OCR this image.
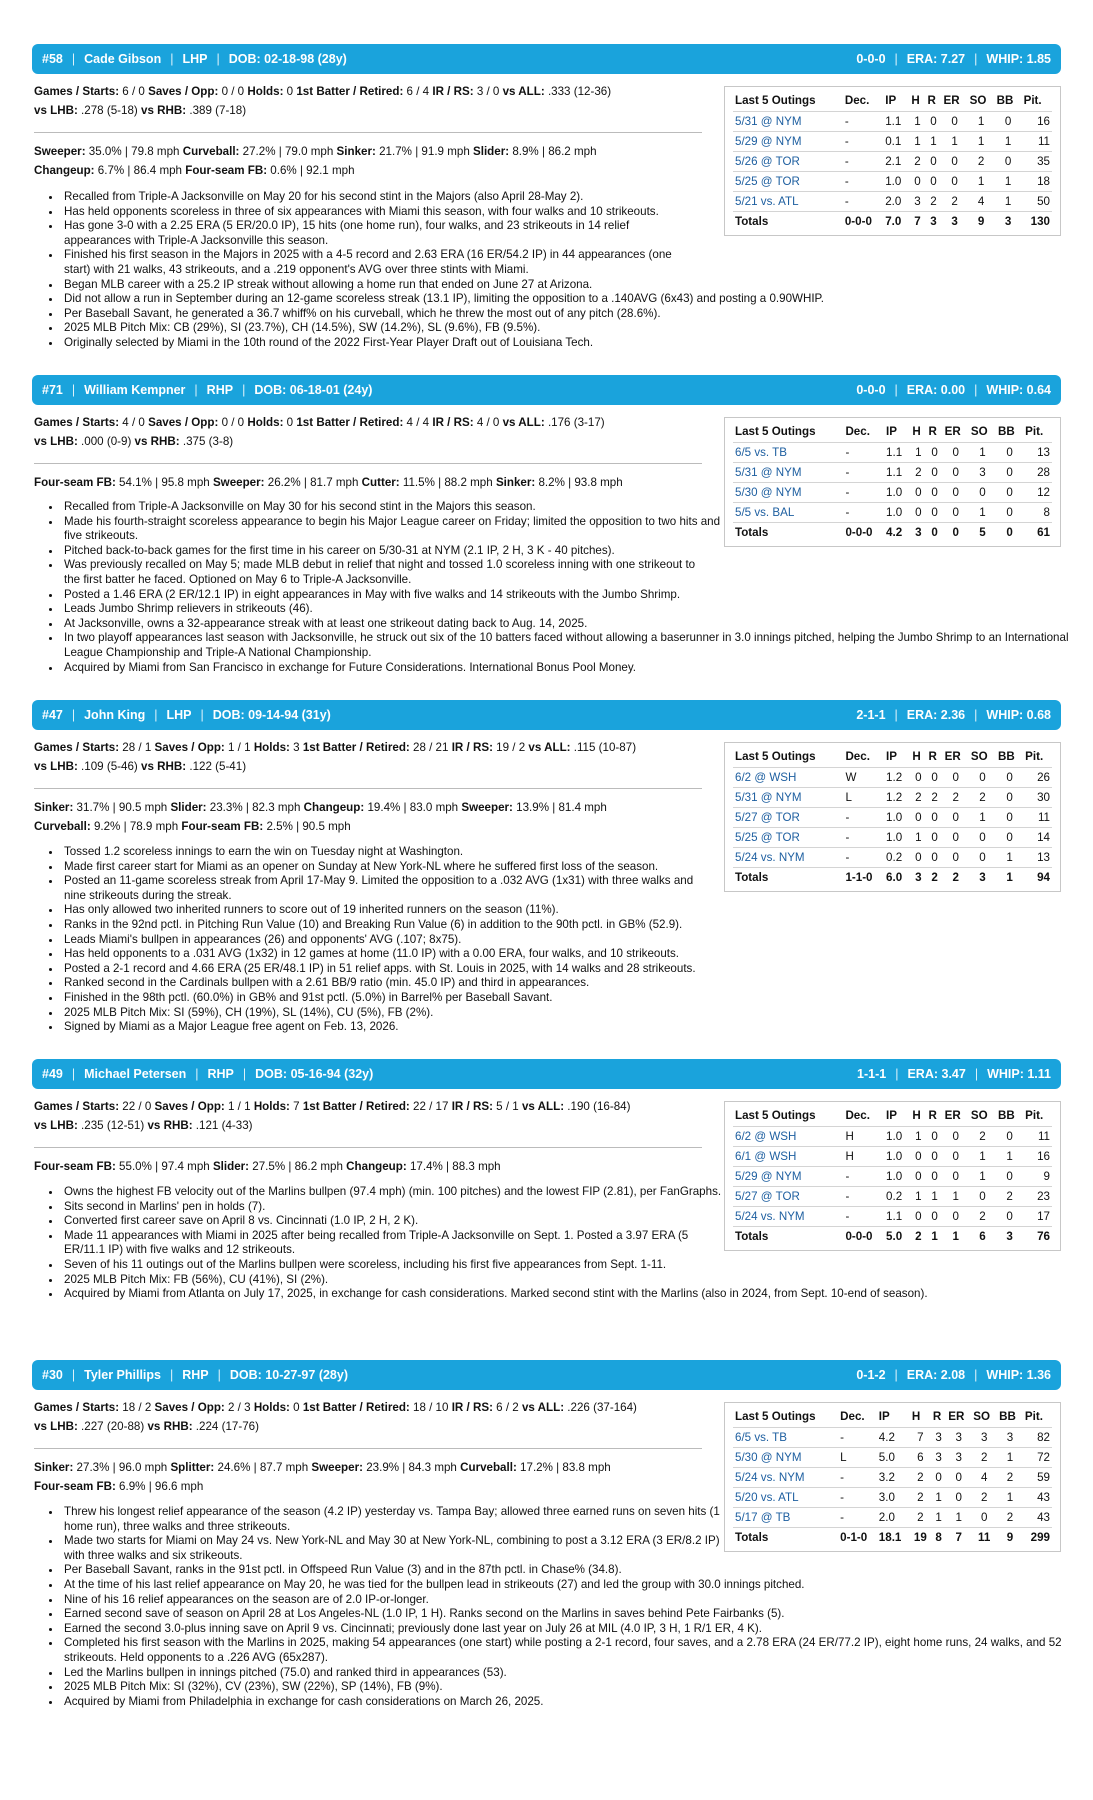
#58 | Cade Gibson | LHP | DOB: 02-18-98 (28y)	0-0-0 | ERA: 7.27 | WHIP: 1.85
Games / Starts: 6 / 0 Saves / Opp: 0 / 0 Holds: 0 1st Batter / Retired: 6 / 4 IR / RS: 3 / 0 vs ALL: .333 (12-36)
vs LHB: .278 (5-18) vs RHB: .389 (7-18)
Sweeper: 35.0% | 79.8 mph Curveball: 27.2% | 79.0 mph Sinker: 21.7% | 91.9 mph Slider: 8.9% | 86.2 mph
Changeup: 6.7% | 86.4 mph Four-seam FB: 0.6% | 92.1 mph
• Recalled from Triple-A Jacksonville on May 20 for his second stint in the Majors (also April 28-May 2).
• Has held opponents scoreless in three of six appearances with Miami this season, with four walks and 10 strikeouts.
• Has gone 3-0 with a 2.25 ERA (5 ER/20.0 IP), 15 hits (one home run), four walks, and 23 strikeouts in 14 relief appearances with Triple-A Jacksonville this season.
• Finished his first season in the Majors in 2025 with a 4-5 record and 2.63 ERA (16 ER/54.2 IP) in 44 appearances (one start) with 21 walks, 43 strikeouts, and a .219 opponent's AVG over three stints with Miami.
• Began MLB career with a 25.2 IP streak without allowing a home run that ended on June 27 at Arizona.
• Did not allow a run in September during an 12-game scoreless streak (13.1 IP), limiting the opposition to a .140AVG (6x43) and posting a 0.90WHIP.
• Per Baseball Savant, he generated a 36.7 whiff% on his curveball, which he threw the most out of any pitch (28.6%).
• 2025 MLB Pitch Mix: CB (29%), SI (23.7%), CH (14.5%), SW (14.2%), SL (9.6%), FB (9.5%).
• Originally selected by Miami in the 10th round of the 2022 First-Year Player Draft out of Louisiana Tech.
Last 5 Outings	Dec.	IP	H	R	ER	SO	BB	Pit.
5/31 @ NYM	-	1.1	1	0	0	1	0	16
5/29 @ NYM	-	0.1	1	1	1	1	1	11
5/26 @ TOR	-	2.1	2	0	0	2	0	35
5/25 @ TOR	-	1.0	0	0	0	1	1	18
5/21 vs. ATL	-	2.0	3	2	2	4	1	50
Totals	0-0-0	7.0	7	3	3	9	3	130
#71 | William Kempner | RHP | DOB: 06-18-01 (24y)	0-0-0 | ERA: 0.00 | WHIP: 0.64
Games / Starts: 4 / 0 Saves / Opp: 0 / 0 Holds: 0 1st Batter / Retired: 4 / 4 IR / RS: 4 / 0 vs ALL: .176 (3-17)
vs LHB: .000 (0-9) vs RHB: .375 (3-8)
Four-seam FB: 54.1% | 95.8 mph Sweeper: 26.2% | 81.7 mph Cutter: 11.5% | 88.2 mph Sinker: 8.2% | 93.8 mph
• Recalled from Triple-A Jacksonville on May 30 for his second stint in the Majors this season.
• Made his fourth-straight scoreless appearance to begin his Major League career on Friday; limited the opposition to two hits and five strikeouts.
• Pitched back-to-back games for the first time in his career on 5/30-31 at NYM (2.1 IP, 2 H, 3 K - 40 pitches).
• Was previously recalled on May 5; made MLB debut in relief that night and tossed 1.0 scoreless inning with one strikeout to the first batter he faced. Optioned on May 6 to Triple-A Jacksonville.
• Posted a 1.46 ERA (2 ER/12.1 IP) in eight appearances in May with five walks and 14 strikeouts with the Jumbo Shrimp.
• Leads Jumbo Shrimp relievers in strikeouts (46).
• At Jacksonville, owns a 32-appearance streak with at least one strikeout dating back to Aug. 14, 2025.
• In two playoff appearances last season with Jacksonville, he struck out six of the 10 batters faced without allowing a baserunner in 3.0 innings pitched, helping the Jumbo Shrimp to an International League Championship and Triple-A National Championship.
• Acquired by Miami from San Francisco in exchange for Future Considerations. International Bonus Pool Money.
Last 5 Outings	Dec.	IP	H	R	ER	SO	BB	Pit.
6/5 vs. TB	-	1.1	1	0	0	1	0	13
5/31 @ NYM	-	1.1	2	0	0	3	0	28
5/30 @ NYM	-	1.0	0	0	0	0	0	12
5/5 vs. BAL	-	1.0	0	0	0	1	0	8
Totals	0-0-0	4.2	3	0	0	5	0	61
#47 | John King | LHP | DOB: 09-14-94 (31y)	2-1-1 | ERA: 2.36 | WHIP: 0.68
Games / Starts: 28 / 1 Saves / Opp: 1 / 1 Holds: 3 1st Batter / Retired: 28 / 21 IR / RS: 19 / 2 vs ALL: .115 (10-87)
vs LHB: .109 (5-46) vs RHB: .122 (5-41)
Sinker: 31.7% | 90.5 mph Slider: 23.3% | 82.3 mph Changeup: 19.4% | 83.0 mph Sweeper: 13.9% | 81.4 mph
Curveball: 9.2% | 78.9 mph Four-seam FB: 2.5% | 90.5 mph
• Tossed 1.2 scoreless innings to earn the win on Tuesday night at Washington.
• Made first career start for Miami as an opener on Sunday at New York-NL where he suffered first loss of the season.
• Posted an 11-game scoreless streak from April 17-May 9. Limited the opposition to a .032 AVG (1x31) with three walks and nine strikeouts during the streak.
• Has only allowed two inherited runners to score out of 19 inherited runners on the season (11%).
• Ranks in the 92nd pctl. in Pitching Run Value (10) and Breaking Run Value (6) in addition to the 90th pctl. in GB% (52.9).
• Leads Miami's bullpen in appearances (26) and opponents' AVG (.107; 8x75).
• Has held opponents to a .031 AVG (1x32) in 12 games at home (11.0 IP) with a 0.00 ERA, four walks, and 10 strikeouts.
• Posted a 2-1 record and 4.66 ERA (25 ER/48.1 IP) in 51 relief apps. with St. Louis in 2025, with 14 walks and 28 strikeouts.
• Ranked second in the Cardinals bullpen with a 2.61 BB/9 ratio (min. 45.0 IP) and third in appearances.
• Finished in the 98th pctl. (60.0%) in GB% and 91st pctl. (5.0%) in Barrel% per Baseball Savant.
• 2025 MLB Pitch Mix: SI (59%), CH (19%), SL (14%), CU (5%), FB (2%).
• Signed by Miami as a Major League free agent on Feb. 13, 2026.
Last 5 Outings	Dec.	IP	H	R	ER	SO	BB	Pit.
6/2 @ WSH	W	1.2	0	0	0	0	0	26
5/31 @ NYM	L	1.2	2	2	2	2	0	30
5/27 @ TOR	-	1.0	0	0	0	1	0	11
5/25 @ TOR	-	1.0	1	0	0	0	0	14
5/24 vs. NYM	-	0.2	0	0	0	0	1	13
Totals	1-1-0	6.0	3	2	2	3	1	94
#49 | Michael Petersen | RHP | DOB: 05-16-94 (32y)	1-1-1 | ERA: 3.47 | WHIP: 1.11
Games / Starts: 22 / 0 Saves / Opp: 1 / 1 Holds: 7 1st Batter / Retired: 22 / 17 IR / RS: 5 / 1 vs ALL: .190 (16-84)
vs LHB: .235 (12-51) vs RHB: .121 (4-33)
Four-seam FB: 55.0% | 97.4 mph Slider: 27.5% | 86.2 mph Changeup: 17.4% | 88.3 mph
• Owns the highest FB velocity out of the Marlins bullpen (97.4 mph) (min. 100 pitches) and the lowest FIP (2.81), per FanGraphs.
• Sits second in Marlins' pen in holds (7).
• Converted first career save on April 8 vs. Cincinnati (1.0 IP, 2 H, 2 K).
• Made 11 appearances with Miami in 2025 after being recalled from Triple-A Jacksonville on Sept. 1. Posted a 3.97 ERA (5 ER/11.1 IP) with five walks and 12 strikeouts.
• Seven of his 11 outings out of the Marlins bullpen were scoreless, including his first five appearances from Sept. 1-11.
• 2025 MLB Pitch Mix: FB (56%), CU (41%), SI (2%).
• Acquired by Miami from Atlanta on July 17, 2025, in exchange for cash considerations. Marked second stint with the Marlins (also in 2024, from Sept. 10-end of season).
Last 5 Outings	Dec.	IP	H	R	ER	SO	BB	Pit.
6/2 @ WSH	H	1.0	1	0	0	2	0	11
6/1 @ WSH	H	1.0	0	0	0	1	1	16
5/29 @ NYM	-	1.0	0	0	0	1	0	9
5/27 @ TOR	-	0.2	1	1	1	0	2	23
5/24 vs. NYM	-	1.1	0	0	0	2	0	17
Totals	0-0-0	5.0	2	1	1	6	3	76
#30 | Tyler Phillips | RHP | DOB: 10-27-97 (28y)	0-1-2 | ERA: 2.08 | WHIP: 1.36
Games / Starts: 18 / 2 Saves / Opp: 2 / 3 Holds: 0 1st Batter / Retired: 18 / 10 IR / RS: 6 / 2 vs ALL: .226 (37-164)
vs LHB: .227 (20-88) vs RHB: .224 (17-76)
Sinker: 27.3% | 96.0 mph Splitter: 24.6% | 87.7 mph Sweeper: 23.9% | 84.3 mph Curveball: 17.2% | 83.8 mph
Four-seam FB: 6.9% | 96.6 mph
• Threw his longest relief appearance of the season (4.2 IP) yesterday vs. Tampa Bay; allowed three earned runs on seven hits (1 home run), three walks and three strikeouts.
• Made two starts for Miami on May 24 vs. New York-NL and May 30 at New York-NL, combining to post a 3.12 ERA (3 ER/8.2 IP) with three walks and six strikeouts.
• Per Baseball Savant, ranks in the 91st pctl. in Offspeed Run Value (3) and in the 87th pctl. in Chase% (34.8).
• At the time of his last relief appearance on May 20, he was tied for the bullpen lead in strikeouts (27) and led the group with 30.0 innings pitched.
• Nine of his 16 relief appearances on the season are of 2.0 IP-or-longer.
• Earned second save of season on April 28 at Los Angeles-NL (1.0 IP, 1 H). Ranks second on the Marlins in saves behind Pete Fairbanks (5).
• Earned the second 3.0-plus inning save on April 9 vs. Cincinnati; previously done last year on July 26 at MIL (4.0 IP, 3 H, 1 R/1 ER, 4 K).
• Completed his first season with the Marlins in 2025, making 54 appearances (one start) while posting a 2-1 record, four saves, and a 2.78 ERA (24 ER/77.2 IP), eight home runs, 24 walks, and 52 strikeouts. Held opponents to a .226 AVG (65x287).
• Led the Marlins bullpen in innings pitched (75.0) and ranked third in appearances (53).
• 2025 MLB Pitch Mix: SI (32%), CV (23%), SW (22%), SP (14%), FB (9%).
• Acquired by Miami from Philadelphia in exchange for cash considerations on March 26, 2025.
Last 5 Outings	Dec.	IP	H	R	ER	SO	BB	Pit.
6/5 vs. TB	-	4.2	7	3	3	3	3	82
5/30 @ NYM	L	5.0	6	3	3	2	1	72
5/24 vs. NYM	-	3.2	2	0	0	4	2	59
5/20 vs. ATL	-	3.0	2	1	0	2	1	43
5/17 @ TB	-	2.0	2	1	1	0	2	43
Totals	0-1-0	18.1	19	8	7	11	9	299
